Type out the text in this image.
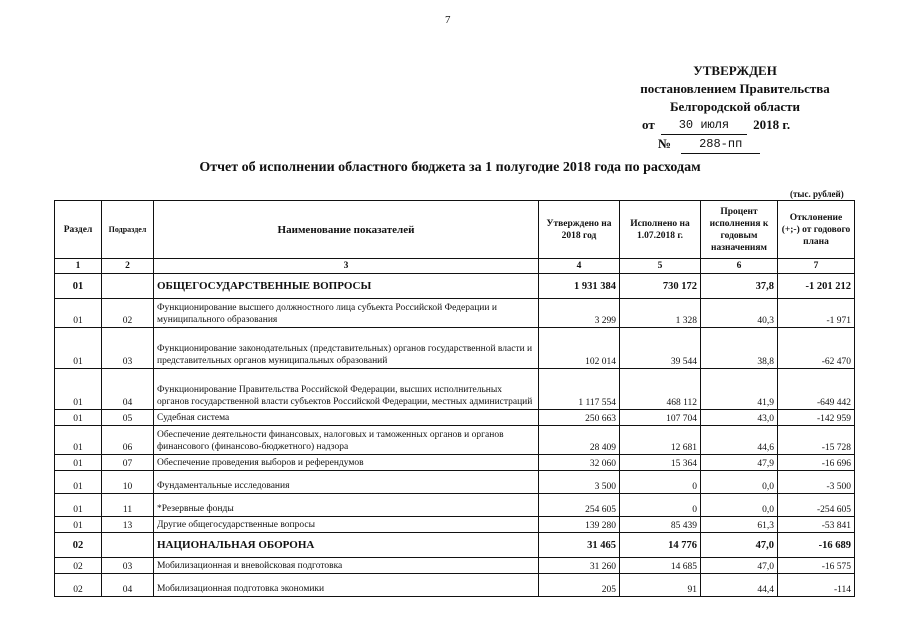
7
УТВЕРЖДЕН
постановлением Правительства
Белгородской области
от	30 июля	2018 г.
№	288-пп
Отчет об исполнении областного бюджета за 1 полугодие 2018 года по расходам
(тыс. рублей)
Раздел	Подраздел	Наименование показателей	Утверждено на 2018 год	Исполнено на 1.07.2018 г.	Процент исполнения к годовым назначениям	Отклонение (+;-) от годового плана
1	2	3	4	5	6	7
01		ОБЩЕГОСУДАРСТВЕННЫЕ ВОПРОСЫ	1 931 384	730 172	37,8	-1 201 212
01	02	Функционирование высшего должностного лица субъекта Российской Федерации и муниципального образования	3 299	1 328	40,3	-1 971
01	03	Функционирование законодательных (представительных) органов государственной власти и представительных органов муниципальных образований	102 014	39 544	38,8	-62 470
01	04	Функционирование Правительства Российской Федерации, высших исполнительных органов государственной власти субъектов Российской Федерации, местных администраций	1 117 554	468 112	41,9	-649 442
01	05	Судебная система	250 663	107 704	43,0	-142 959
01	06	Обеспечение деятельности финансовых, налоговых и таможенных органов и органов финансового (финансово-бюджетного) надзора	28 409	12 681	44,6	-15 728
01	07	Обеспечение проведения выборов и референдумов	32 060	15 364	47,9	-16 696
01	10	Фундаментальные исследования	3 500	0	0,0	-3 500
01	11	*Резервные фонды	254 605	0	0,0	-254 605
01	13	Другие общегосударственные вопросы	139 280	85 439	61,3	-53 841
02		НАЦИОНАЛЬНАЯ ОБОРОНА	31 465	14 776	47,0	-16 689
02	03	Мобилизационная и вневойсковая подготовка	31 260	14 685	47,0	-16 575
02	04	Мобилизационная подготовка экономики	205	91	44,4	-114
